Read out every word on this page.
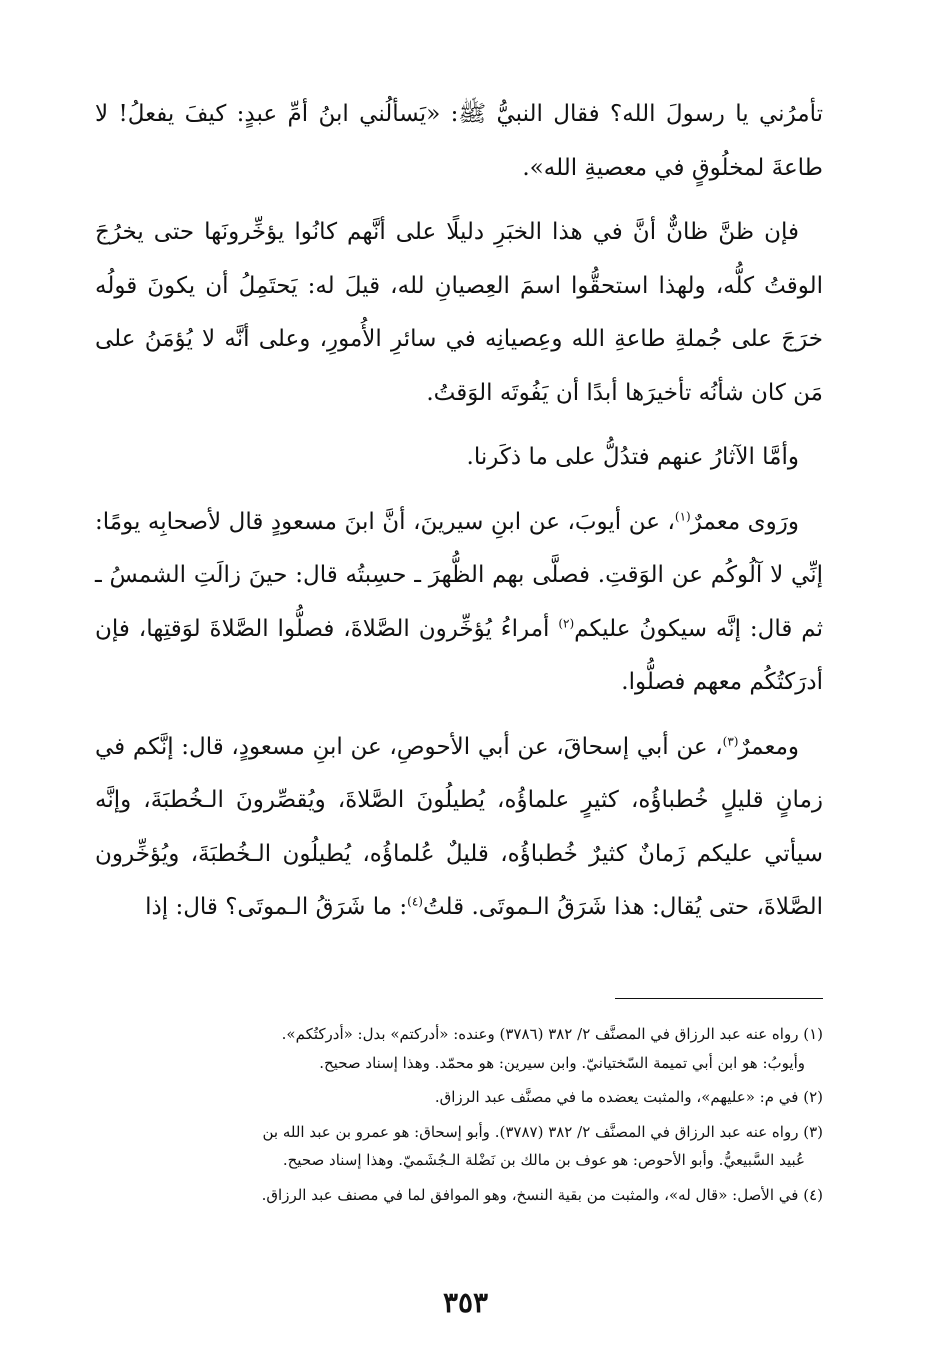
تأمرُني يا رسولَ الله؟ فقال النبيُّ ﷺ: «يَسألُني ابنُ أمِّ عبدٍ: كيفَ يفعلُ! لا طاعةَ لمخلُوقٍ في معصيةِ الله».

فإن ظنَّ ظانٌّ أنَّ في هذا الخبَرِ دليلًا على أنَّهم كانُوا يؤخِّرونَها حتى يخرُجَ الوقتُ كلُّه، ولهذا استحقُّوا اسمَ العِصيانِ لله، قيلَ له: يَحتَمِلُ أن يكونَ قولُه خرَجَ على جُملةِ طاعةِ الله وعِصيانِه في سائرِ الأُمورِ، وعلى أنَّه لا يُؤمَنُ على مَن كان شأنُه تأخيرَها أبدًا أن يَفُوتَه الوَقتُ.

وأمَّا الآثارُ عنهم فتدُلُّ على ما ذكَرنا.

ورَوى معمرٌ$^{(١)}$، عن أيوبَ، عن ابنِ سيرينَ، أنَّ ابنَ مسعودٍ قال لأصحابِه يومًا: إنِّي لا آلُوكُم عن الوَقتِ. فصلَّى بهم الظُّهرَ ـ حسِبتُه قال: حينَ زالَتِ الشمسُ ـ ثم قال: إنَّه سيكونُ عليكم$^{(٢)}$ أمراءُ يُؤخِّرون الصَّلاةَ، فصلُّوا الصَّلاةَ لوَقتِها، فإن أدرَكتُكُم معهم فصلُّوا.

ومعمرٌ$^{(٣)}$، عن أبي إسحاقَ، عن أبي الأحوصِ، عن ابنِ مسعودٍ، قال: إنَّكم في زمانٍ قليلٍ خُطباؤُه، كثيرٍ علماؤُه، يُطيلُونَ الصَّلاةَ، ويُقصِّرونَ الـخُطبَةَ، وإنَّه سيأتي عليكم زَمانٌ كثيرٌ خُطباؤُه، قليلٌ عُلماؤُه، يُطيلُون الـخُطبَةَ، ويُؤخِّرون الصَّلاةَ، حتى يُقال: هذا شَرَقُ الـموتَى. قلتُ$^{(٤)}$: ما شَرَقُ الـموتَى؟ قال: إذا

(١) رواه عنه عبد الرزاق في المصنَّف ٢/ ٣٨٢ (٣٧٨٦) وعنده: «أدركتم» بدل: «أدركتُكم».
وأيوبُ: هو ابن أبي تميمة السّختيانيّ. وابن سيرين: هو محمّد. وهذا إسناد صحيح.

(٢) في م: «عليهم»، والمثبت يعضده ما في مصنَّف عبد الرزاق.

(٣) رواه عنه عبد الرزاق في المصنَّف ٢/ ٣٨٢ (٣٧٨٧). وأبو إسحاق: هو عمرو بن عبد الله بن
عُبيد السَّبيعيُّ. وأبو الأحوص: هو عوف بن مالك بن نَضْلة الـجُشَميّ. وهذا إسناد صحيح.

(٤) في الأصل: «قال له»، والمثبت من بقية النسخ، وهو الموافق لما في مصنف عبد الرزاق.

٣٥٣
